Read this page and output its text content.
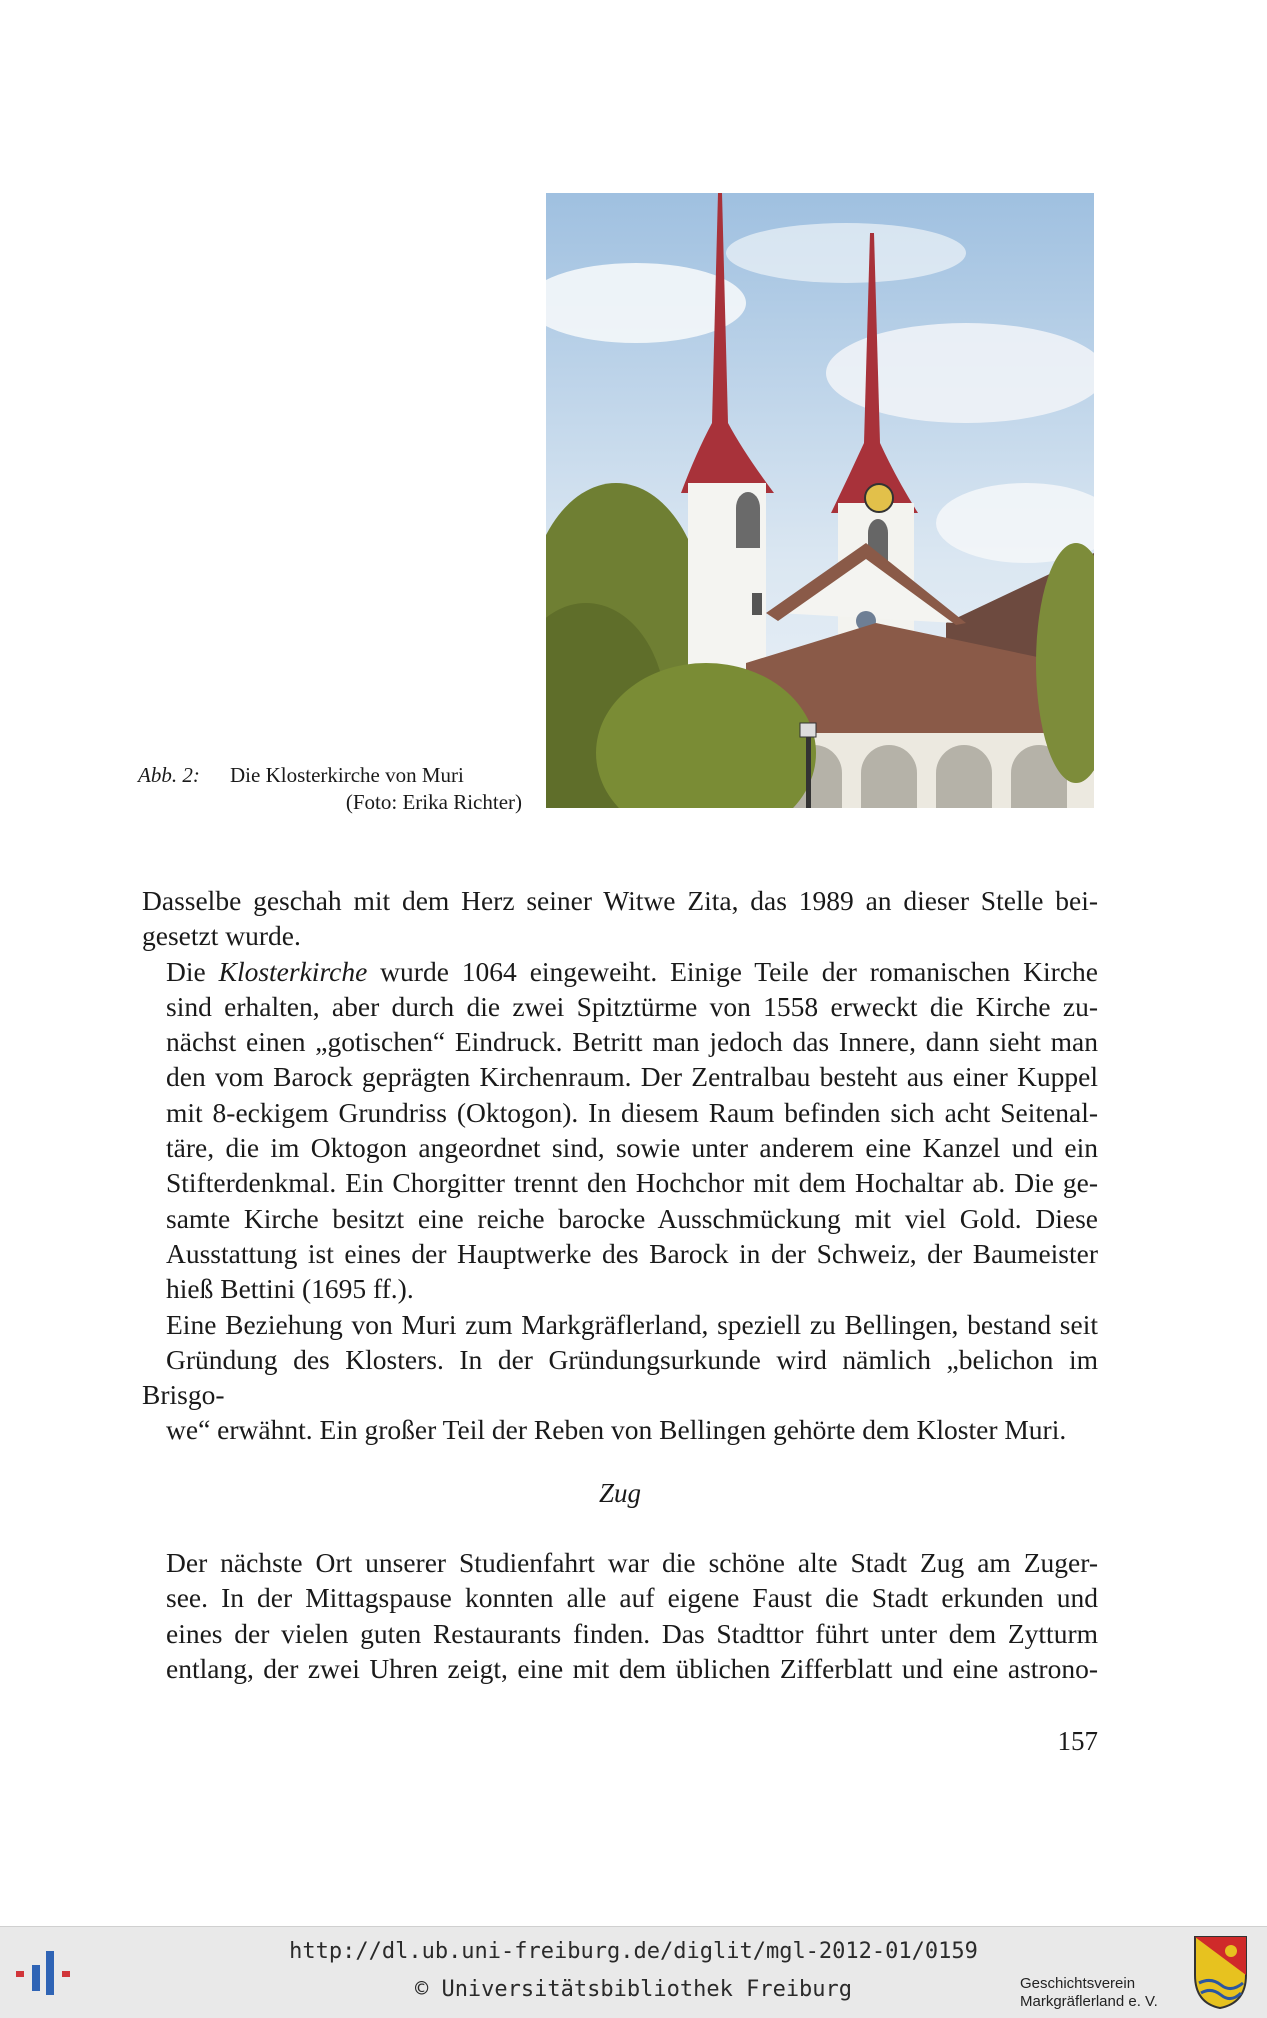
Abb. 2:	Die Klosterkirche von Muri
(Foto: Erika Richter)

Dasselbe geschah mit dem Herz seiner Witwe Zita, das 1989 an dieser Stelle bei-
gesetzt wurde.

Die Klosterkirche wurde 1064 eingeweiht. Einige Teile der romanischen Kirche
sind erhalten, aber durch die zwei Spitztürme von 1558 erweckt die Kirche zu-
nächst einen „gotischen“ Eindruck. Betritt man jedoch das Innere, dann sieht man
den vom Barock geprägten Kirchenraum. Der Zentralbau besteht aus einer Kuppel
mit 8-eckigem Grundriss (Oktogon). In diesem Raum befinden sich acht Seitenal-
täre, die im Oktogon angeordnet sind, sowie unter anderem eine Kanzel und ein
Stifterdenkmal. Ein Chorgitter trennt den Hochchor mit dem Hochaltar ab. Die ge-
samte Kirche besitzt eine reiche barocke Ausschmückung mit viel Gold. Diese
Ausstattung ist eines der Hauptwerke des Barock in der Schweiz, der Baumeister
hieß Bettini (1695 ff.).

Eine Beziehung von Muri zum Markgräflerland, speziell zu Bellingen, bestand seit
Gründung des Klosters. In der Gründungsurkunde wird nämlich „belichon im Brisgo-
we“ erwähnt. Ein großer Teil der Reben von Bellingen gehörte dem Kloster Muri.

Zug

Der nächste Ort unserer Studienfahrt war die schöne alte Stadt Zug am Zuger-
see. In der Mittagspause konnten alle auf eigene Faust die Stadt erkunden und
eines der vielen guten Restaurants finden. Das Stadttor führt unter dem Zytturm
entlang, der zwei Uhren zeigt, eine mit dem üblichen Zifferblatt und eine astrono-

157
http://dl.ub.uni-freiburg.de/diglit/mgl-2012-01/0159
© Universitätsbibliothek Freiburg	Geschichtsverein
Markgräflerland e. V.
